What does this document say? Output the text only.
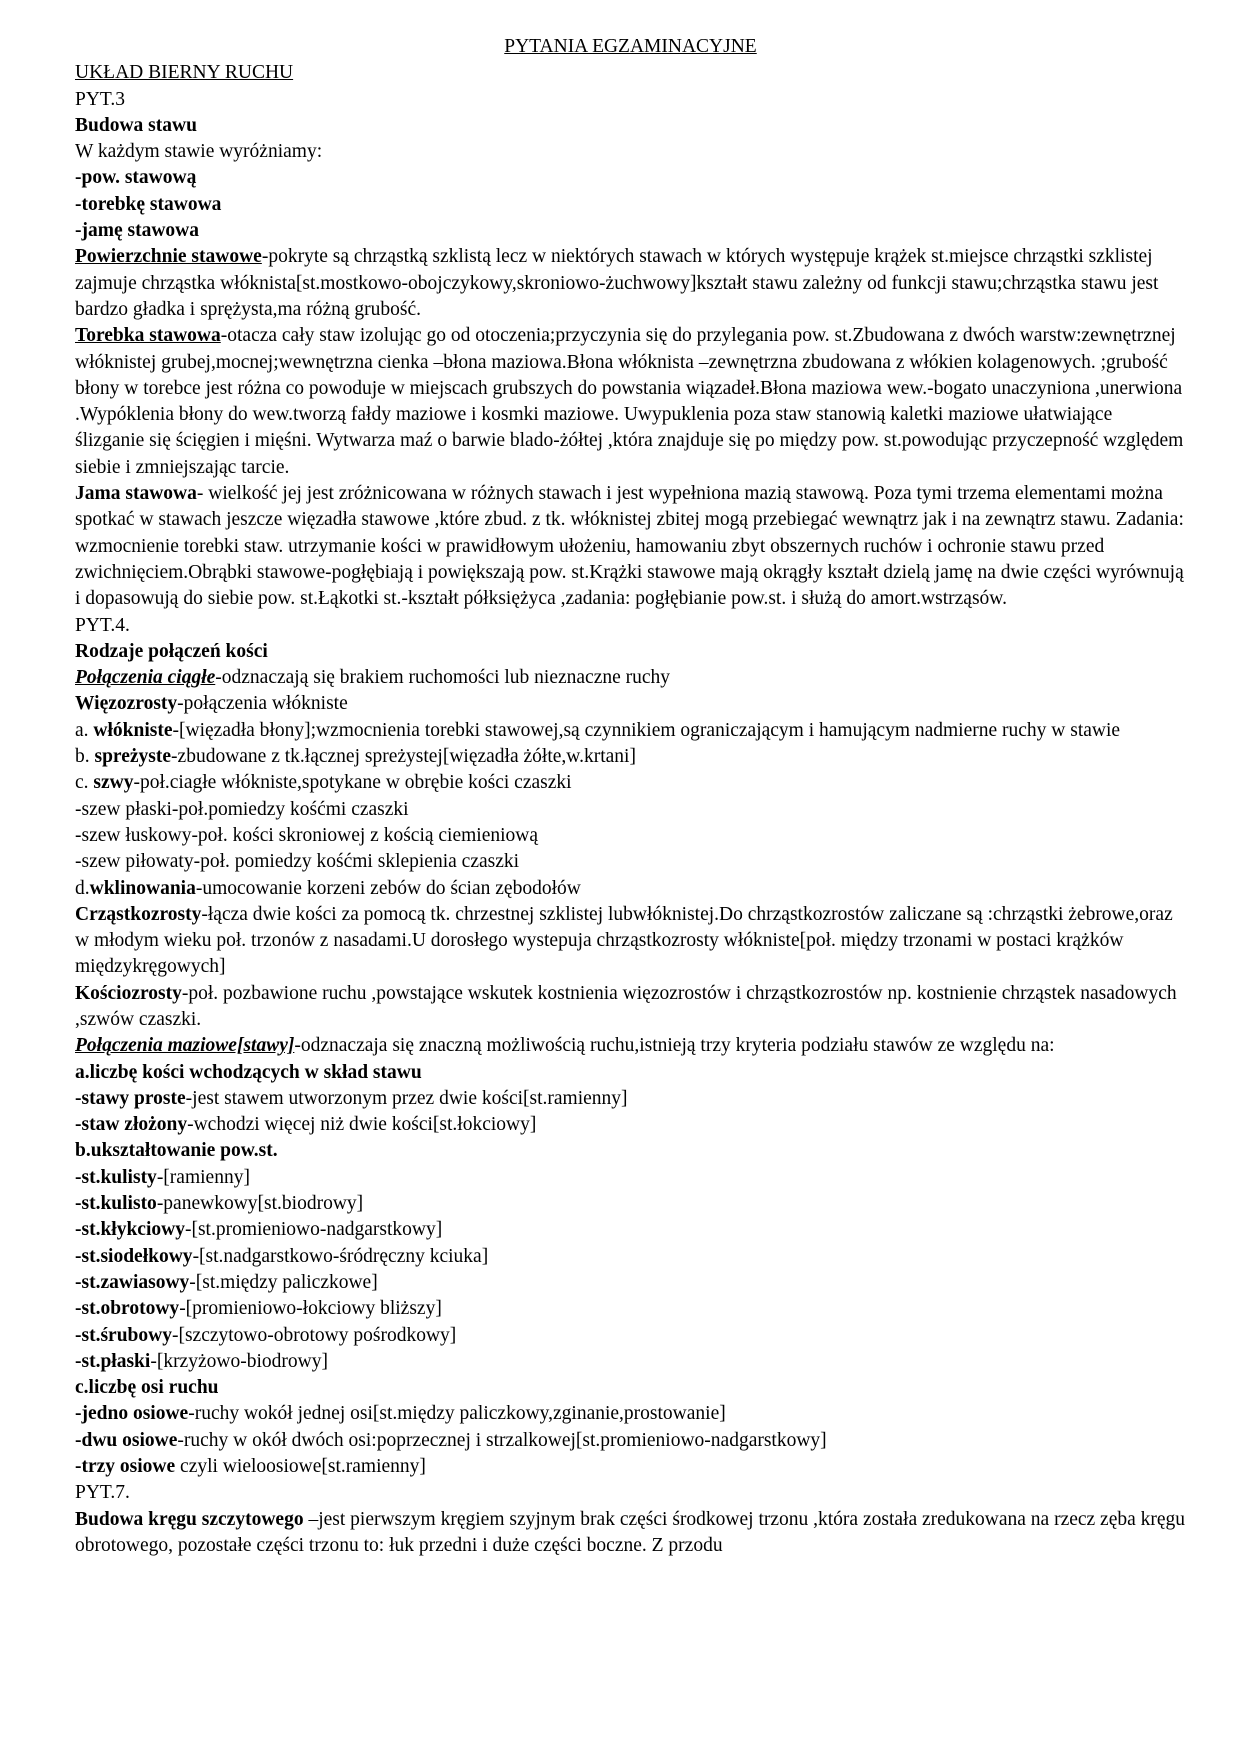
PYTANIA EGZAMINACYJNE

UKŁAD BIERNY RUCHU

PYT.3

Budowa stawu

W każdym stawie wyróżniamy:

-pow. stawową

-torebkę stawowa

-jamę stawowa

Powierzchnie stawowe-pokryte są chrząstką szklistą lecz w niektórych stawach w których występuje krążek st.miejsce chrząstki szklistej zajmuje chrząstka włóknista[st.mostkowo-obojczykowy,skroniowo-żuchwowy]kształt stawu zależny od funkcji stawu;chrząstka stawu jest bardzo gładka i sprężysta,ma różną grubość.

Torebka stawowa-otacza cały staw izolując go od otoczenia;przyczynia się do przylegania pow. st.Zbudowana z dwóch warstw:zewnętrznej włóknistej grubej,mocnej;wewnętrzna cienka –błona maziowa.Błona włóknista –zewnętrzna zbudowana z włókien kolagenowych. ;grubość błony w torebce jest różna co powoduje w miejscach grubszych do powstania wiązadeł.Błona maziowa wew.-bogato unaczyniona ,unerwiona .Wypóklenia błony do wew.tworzą fałdy maziowe i kosmki maziowe. Uwypuklenia poza staw stanowią kaletki maziowe ułatwiające ślizganie się ścięgien i mięśni. Wytwarza maź o barwie blado-żółtej ,która znajduje się po między pow. st.powodując przyczepność względem siebie i zmniejszając tarcie.

Jama stawowa- wielkość jej jest zróżnicowana w różnych stawach i jest wypełniona mazią stawową. Poza tymi trzema elementami można spotkać w stawach jeszcze więzadła stawowe ,które zbud. z tk. włóknistej zbitej mogą przebiegać wewnątrz jak i na zewnątrz stawu. Zadania: wzmocnienie torebki staw. utrzymanie kości w prawidłowym ułożeniu, hamowaniu zbyt obszernych ruchów i ochronie stawu przed zwichnięciem.Obrąbki stawowe-pogłębiają i powiększają pow. st.Krążki stawowe mają okrągły kształt dzielą jamę na dwie części wyrównują i dopasowują do siebie pow. st.Łąkotki st.-kształt półksiężyca ,zadania: pogłębianie pow.st. i służą do amort.wstrząsów.

PYT.4.

Rodzaje połączeń kości

Połączenia ciągłe-odznaczają się brakiem ruchomości lub nieznaczne ruchy

Więzozrosty-połączenia włókniste

a. włókniste-[więzadła błony];wzmocnienia torebki stawowej,są czynnikiem ograniczającym i hamującym nadmierne ruchy w stawie

b. spreżyste-zbudowane z tk.łącznej spreżystej[więzadła żółte,w.krtani]

c. szwy-poł.ciagłe włókniste,spotykane w obrębie kości czaszki

-szew płaski-poł.pomiedzy kośćmi czaszki

-szew łuskowy-poł. kości skroniowej z kością ciemieniową

-szew piłowaty-poł. pomiedzy kośćmi sklepienia czaszki

d.wklinowania-umocowanie korzeni zebów do ścian zębodołów

Crząstkozrosty-łącza dwie kości za pomocą tk. chrzestnej szklistej lubwłóknistej.Do chrząstkozrostów zaliczane są :chrząstki żebrowe,oraz w młodym wieku poł. trzonów z nasadami.U dorosłego wystepuja chrząstkozrosty włókniste[poł. między trzonami w postaci krążków międzykręgowych]

Kościozrosty-poł. pozbawione ruchu ,powstające wskutek kostnienia więzozrostów i chrząstkozrostów np. kostnienie chrząstek nasadowych ,szwów czaszki.

Połączenia maziowe[stawy]-odznaczaja się znaczną możliwością ruchu,istnieją trzy kryteria podziału stawów ze względu na:

a.liczbę kości wchodzących w skład stawu

-stawy proste-jest stawem utworzonym przez dwie kości[st.ramienny]

-staw złożony-wchodzi więcej niż dwie kości[st.łokciowy]

b.ukształtowanie pow.st.

-st.kulisty-[ramienny]

-st.kulisto-panewkowy[st.biodrowy]

-st.kłykciowy-[st.promieniowo-nadgarstkowy]

-st.siodełkowy-[st.nadgarstkowo-śródręczny kciuka]

-st.zawiasowy-[st.między paliczkowe]

-st.obrotowy-[promieniowo-łokciowy bliższy]

-st.śrubowy-[szczytowo-obrotowy pośrodkowy]

-st.płaski-[krzyżowo-biodrowy]

c.liczbę osi ruchu

-jedno osiowe-ruchy wokół jednej osi[st.między paliczkowy,zginanie,prostowanie]

-dwu osiowe-ruchy w okół dwóch osi:poprzecznej i strzalkowej[st.promieniowo-nadgarstkowy]

-trzy osiowe czyli wieloosiowe[st.ramienny]

PYT.7.

Budowa kręgu szczytowego –jest pierwszym kręgiem szyjnym brak części środkowej trzonu ,która została zredukowana na rzecz zęba kręgu obrotowego, pozostałe części trzonu to: łuk przedni i duże części boczne. Z przodu
